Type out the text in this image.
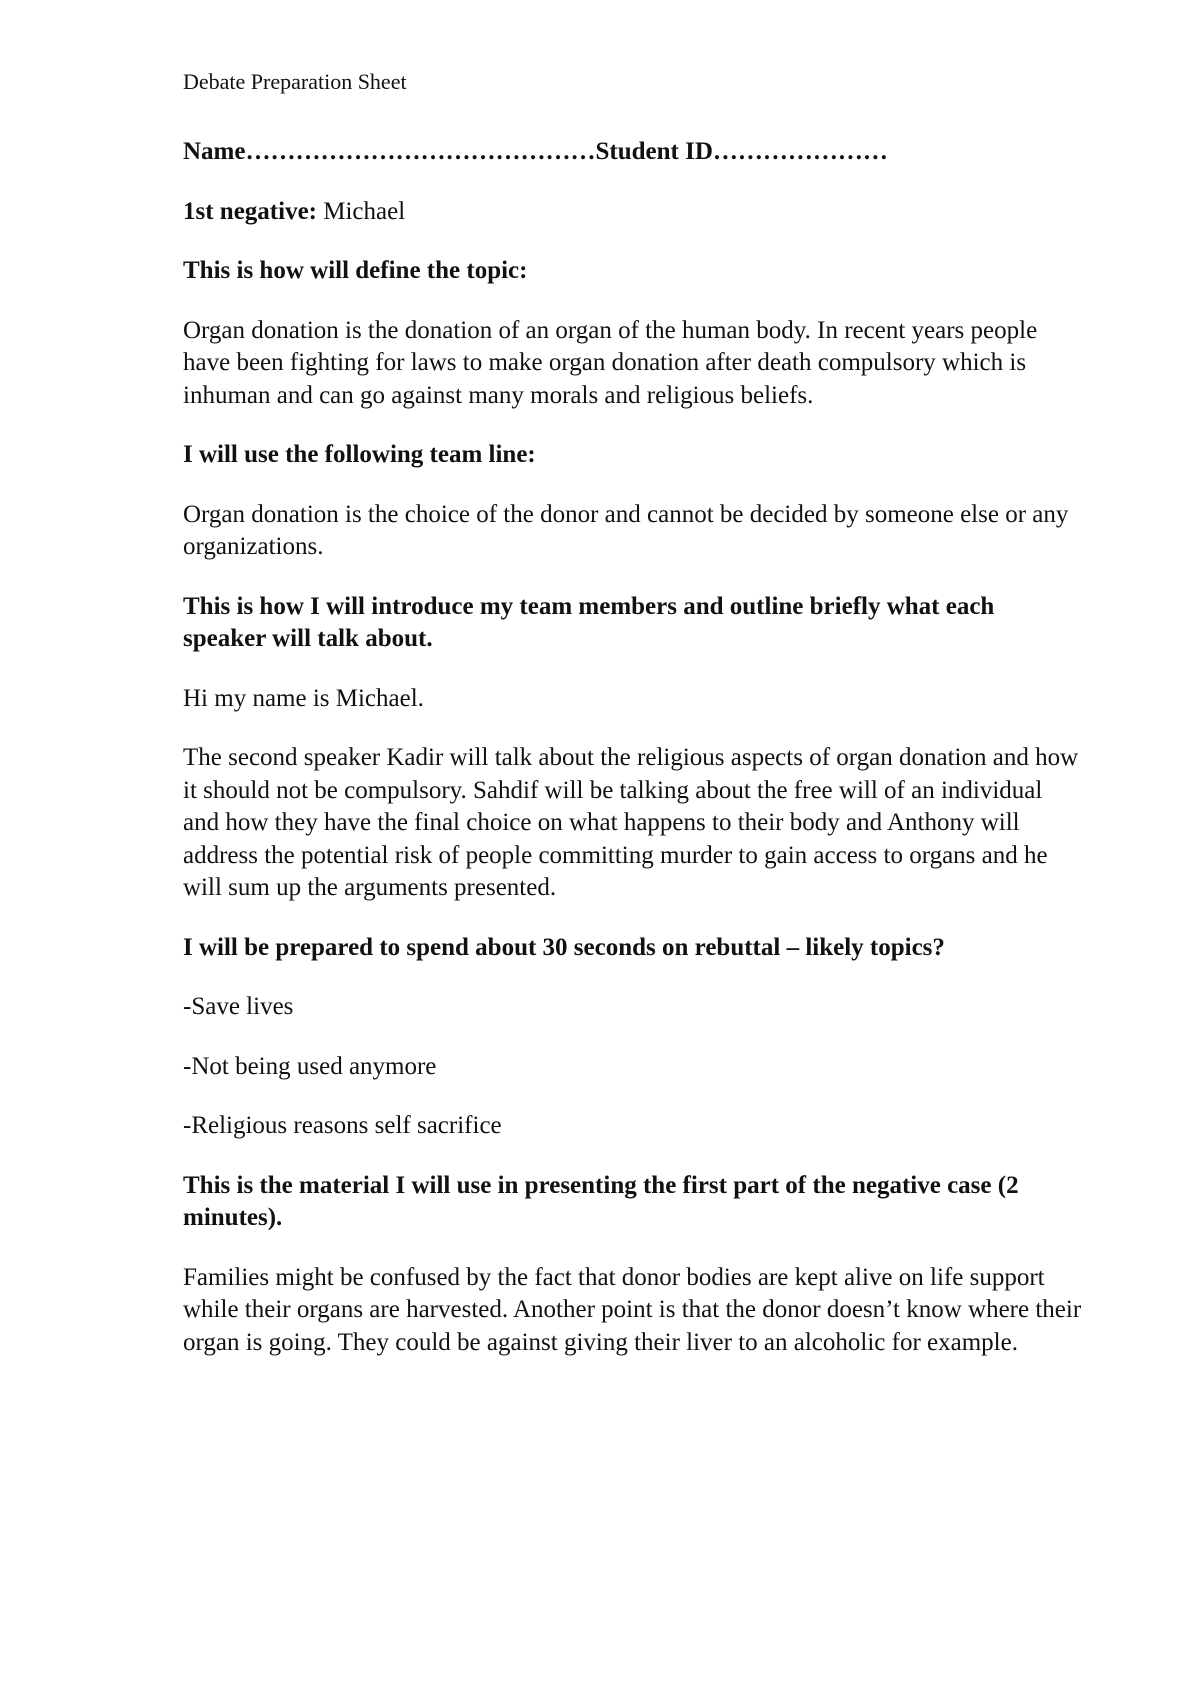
Debate Preparation Sheet
Name……………………………………Student ID…………………

1st negative: Michael

This is how will define the topic:

Organ donation is the donation of an organ of the human body. In recent years people have been fighting for laws to make organ donation after death compulsory which is inhuman and can go against many morals and religious beliefs.

I will use the following team line:

Organ donation is the choice of the donor and cannot be decided by someone else or any organizations.

This is how I will introduce my team members and outline briefly what each speaker will talk about.

Hi my name is Michael.

The second speaker Kadir will talk about the religious aspects of organ donation and how it should not be compulsory. Sahdif will be talking about the free will of an individual and how they have the final choice on what happens to their body and Anthony will address the potential risk of people committing murder to gain access to organs and he will sum up the arguments presented.

I will be prepared to spend about 30 seconds on rebuttal – likely topics?

-Save lives

-Not being used anymore

-Religious reasons self sacrifice

This is the material I will use in presenting the first part of the negative case (2 minutes).

Families might be confused by the fact that donor bodies are kept alive on life support while their organs are harvested. Another point is that the donor doesn’t know where their organ is going. They could be against giving their liver to an alcoholic for example.
